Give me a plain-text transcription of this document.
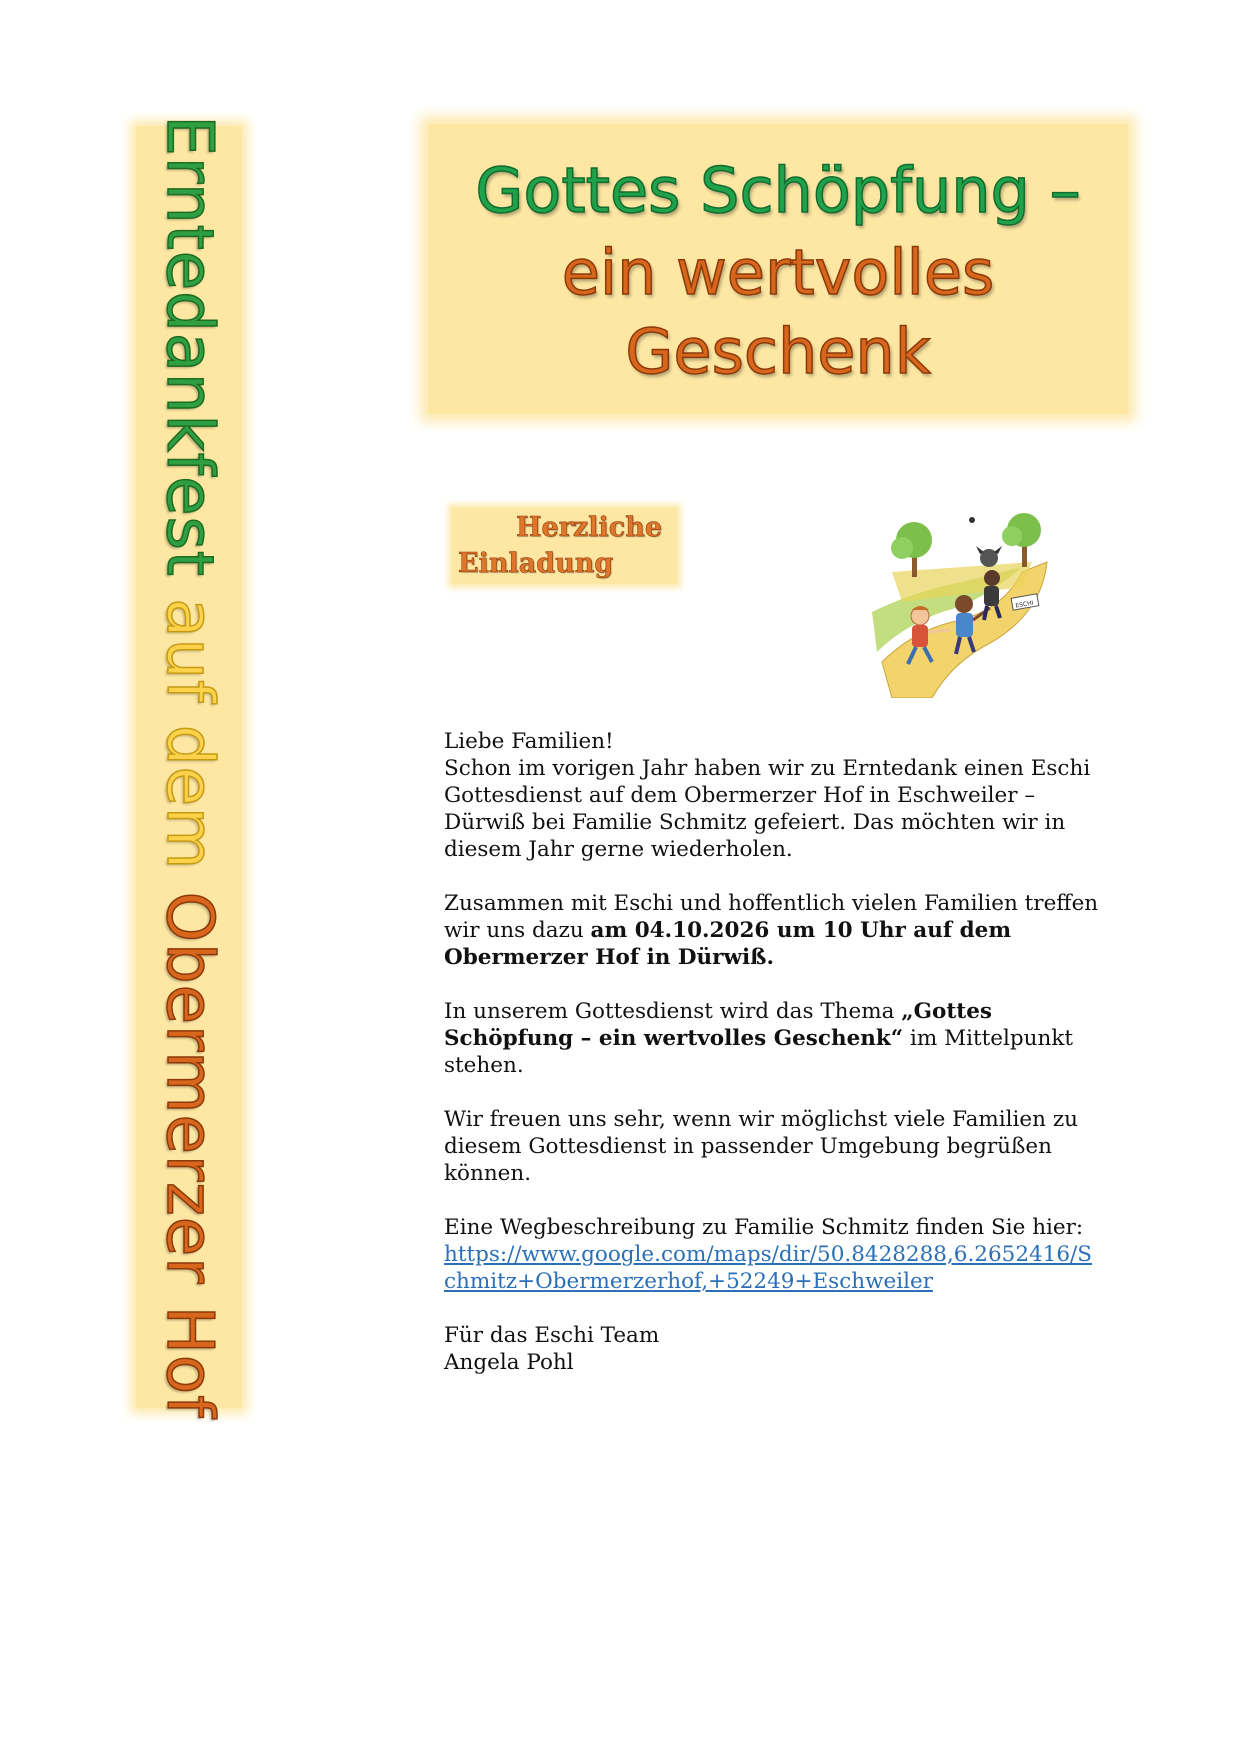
Erntedankfest auf dem Obermerzer Hof
Gottes Schöpfung –
ein wertvolles
Geschenk
Herzliche
Einladung
ESCHI

Liebe Familien!
Schon im vorigen Jahr haben wir zu Erntedank einen Eschi Gottesdienst auf dem Obermerzer Hof in Eschweiler – Dürwiß bei Familie Schmitz gefeiert. Das möchten wir in diesem Jahr gerne wiederholen.

Zusammen mit Eschi und hoffentlich vielen Familien treffen wir uns dazu am 04.10.2026 um 10 Uhr auf dem Obermerzer Hof in Dürwiß.

In unserem Gottesdienst wird das Thema „Gottes Schöpfung – ein wertvolles Geschenk“ im Mittelpunkt stehen.

Wir freuen uns sehr, wenn wir möglichst viele Familien zu diesem Gottesdienst in passender Umgebung begrüßen können.

Eine Wegbeschreibung zu Familie Schmitz finden Sie hier:
https://www.google.com/maps/dir/50.8428288,6.2652416/Schmitz+Obermerzerhof,+52249+Eschweiler

Für das Eschi Team
Angela Pohl
